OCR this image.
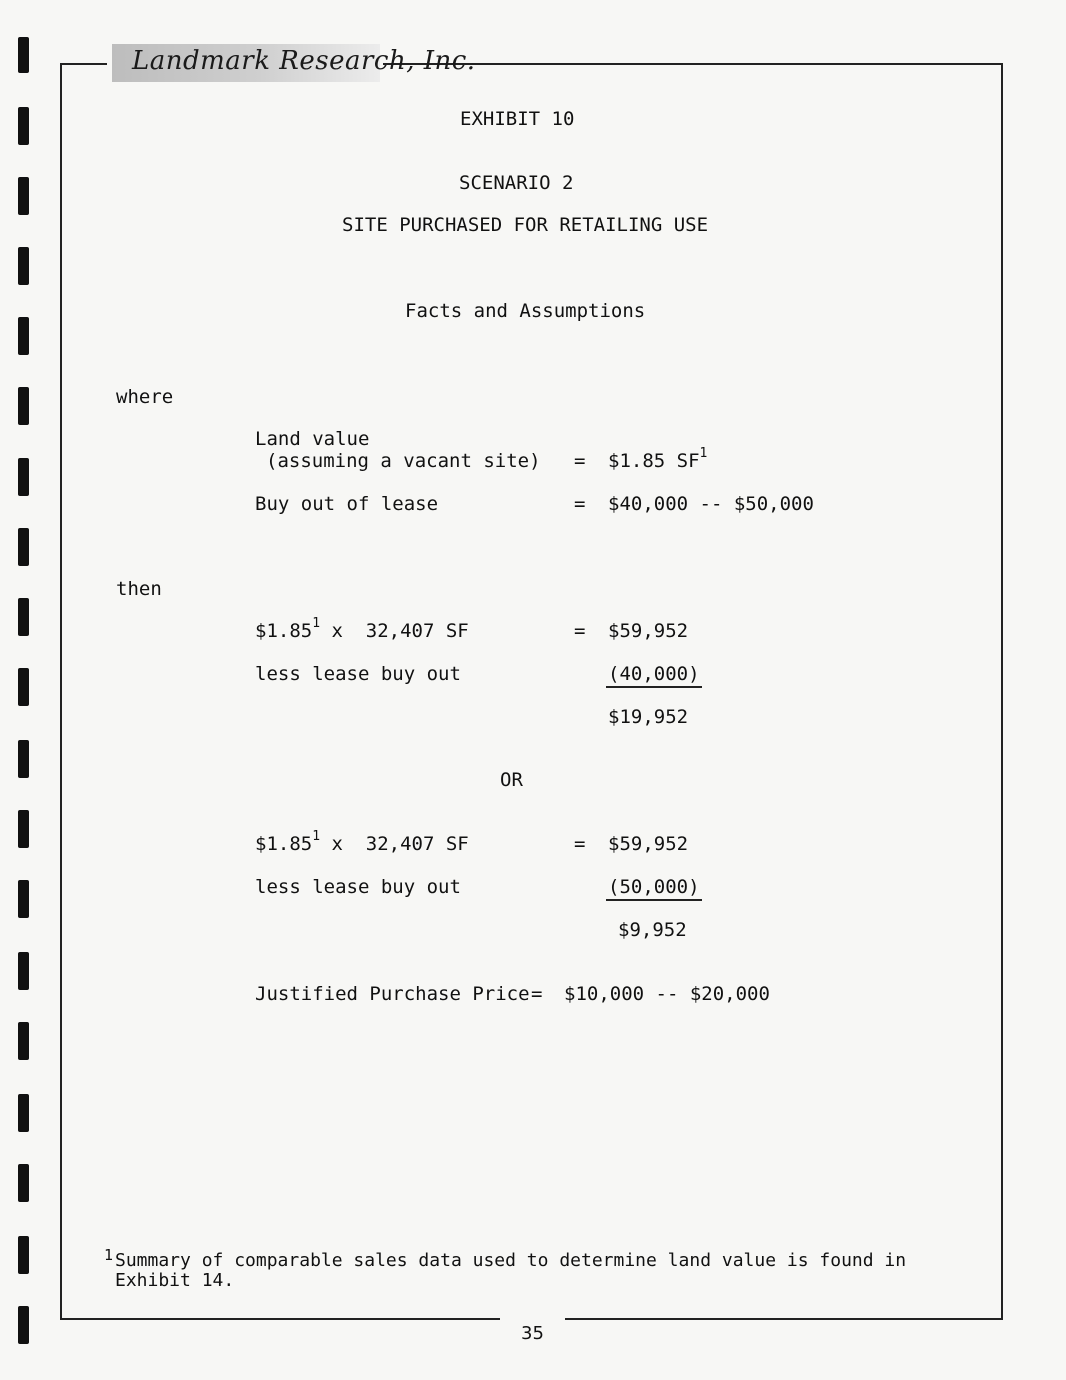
Landmark Research, Inc.
EXHIBIT 10
SCENARIO 2
SITE PURCHASED FOR RETAILING USE
Facts and Assumptions
where
Land value
(assuming a vacant site) = $1.85 $SF^1$
Buy out of lease	= $40,000 -- $50,000
then
$1.85$^1$ x  32,407 SF	= $59,952
less lease buy out	(40,000)
$19,952
OR
$1.85$^1$ x  32,407 SF	= $59,952
less lease buy out	(50,000)
$9,952
Justified Purchase Price = $10,000 -- $20,000
1 Summary of comparable sales data used to determine land value is found in
Exhibit 14.
35
